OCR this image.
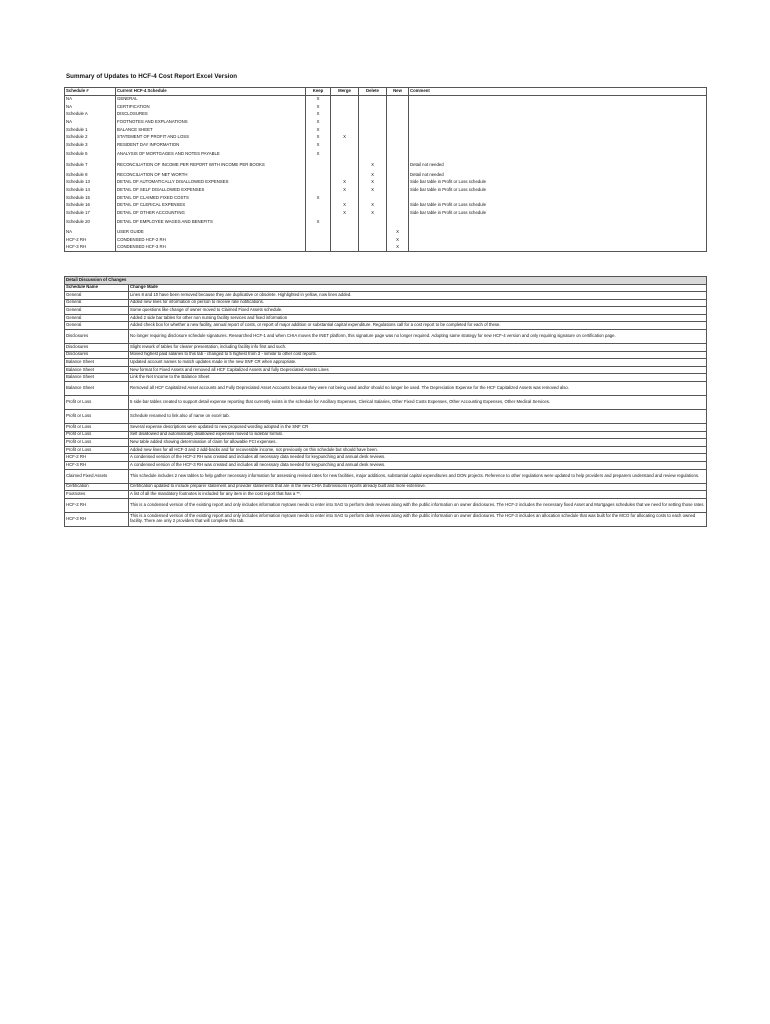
Summary of Updates to HCF-4 Cost Report Excel Version
Schedule #	Current HCF-4 Schedule	Keep	Merge	Delete	New	Comment
NA	GENERAL	X				
NA	CERTIFICATION	X				
Schedule A	DISCLOSURES	X				
NA	FOOTNOTES AND EXPLANATIONS	X				
Schedule 1	BALANCE SHEET	X				
Schedule 2	STATEMENT OF PROFIT AND LOSS	X	X			
Schedule 3	RESIDENT DAY INFORMATION	X				
Schedule 5	ANALYSIS OF MORTGAGES AND NOTES PAYABLE	X				
Schedule 7	RECONCILIATION OF INCOME PER REPORT WITH INCOME PER BOOKS			X		Detail not needed
Schedule 8	RECONCILIATION OF NET WORTH			X		Detail not needed
Schedule 13	DETAIL OF AUTOMATICALLY DISALLOWED EXPENSES		X	X		Side bar table in Profit or Loss schedule
Schedule 14	DETAIL OF SELF DISALLOWED EXPENSES		X	X		Side bar table in Profit or Loss schedule
Schedule 15	DETAIL OF CLAIMED FIXED COSTS	X				
Schedule 16	DETAIL OF CLERICAL EXPENSES		X	X		Side bar table in Profit or Loss schedule
Schedule 17	DETAIL OF OTHER ACCOUNTING		X	X		Side bar table in Profit or Loss schedule
Schedule 20	DETAIL OF EMPLOYEE WAGES AND BENEFITS	X				
NA	USER GUIDE				X	
HCF-2 RH	CONDENSED HCF-2 RH				X	
HCF-3 RH	CONDENSED HCF-3 RH				X	
Detail Discussion of Changes	
Schedule Name	Change Made
General	Lines 8 and 10 have been removed because they are duplicative or obsolete. Highlighted in yellow, now lines added.
General	Added new lines for information on person to receive rate notifications.
General	Some questions like change of owner moved to Claimed Fixed Assets schedule.
General	Added 2 side bar tables for other non nursing facility services and fixed information
General	Added check box for whether a new facility, annual report of costs, or report of major addition or substantial capital expenditure. Regulations call for a cost report to be completed for each of these.
Disclosures	No longer requiring disclosure schedule signatures. Researched HCF-1 and when CHIA moves the INET platform, this signature page was no longer required. Adopting same strategy for new HCF-4 version and only requiring signature on certification page.
Disclosures	Slight rework of tables for clearer presentation, including facility info first and such.
Disclosures	Moved highest paid salaries to this tab - changed to 5 highest from 3 - similar to other cost reports.
Balance Sheet	Updated account names to match updates made in the new SNF CR when appropriate.
Balance Sheet	New format for Fixed Assets and removed all HCF Capitalized Assets and fully Depreciated Assets Lines
Balance Sheet	Link the Net Income to the Balance Sheet
Balance Sheet	Removed all HCF Capitalized Asset accounts and Fully Depreciated Asset Accounts because they were not being used and/or should no longer be used. The Depreciation Expense for the HCF Capitalized Assets was removed also.
Profit or Loss	5 side bar tables created to support detail expense reporting that currently exists in the schedule for Ancillary Expenses, Clerical Salaries, Other Fixed Costs Expenses, Other Accounting Expenses, Other Medical Services.
Profit or Loss	Schedule renamed to link also of name on excel tab.
Profit or Loss	Several expense descriptions were updated to new proposed wording adopted in the SNF CR
Profit or Loss	Self disallowed and automatically disallowed expenses moved to sidebar format.
Profit or Loss	New table added showing determination of claim for allowable FCI expenses.
Profit or Loss	Added new lines for all HCF-3 and 2 add-backs and for recoverable income, not previously on this schedule but should have been.
HCF-2 RH	A condensed version of the HCF-2 RH was created and includes all necessary data needed for keypunching and annual desk reviews.
HCF-3 RH	A condensed version of the HCF-3 RH was created and includes all necessary data needed for keypunching and annual desk reviews.
Claimed Fixed Assets	This schedule includes 2 new tables to help gather necessary information for assessing revised rates for new facilities, major additions, substantial capital expenditures and DON projects. Reference to other regulations were updated to help providers and preparers understand and review regulations.
Certification	Certification updated to include preparer statement and provider statements that are in the new CHIA Submissions reports already built and more extensive.
Footnotes	A list of all the mandatory footnotes is included for any item in the cost report that has a **.
HCF-2 RH	This is a condensed version of the existing report and only includes information mytown needs to enter into SAG to perform desk reviews along with the public information on owner disclosures. The HCF-2 includes the necessary fixed Asset and Mortgages schedules that we need for setting those rates.
HCF-3 RH	This is a condensed version of the existing report and only includes information mytown needs to enter into SAG to perform desk reviews along with the public information on owner disclosures. The HCF-3 includes an allocation schedule that was built for the MCO for allocating costs to each owned facility. There are only 2 providers that will complete this tab.
